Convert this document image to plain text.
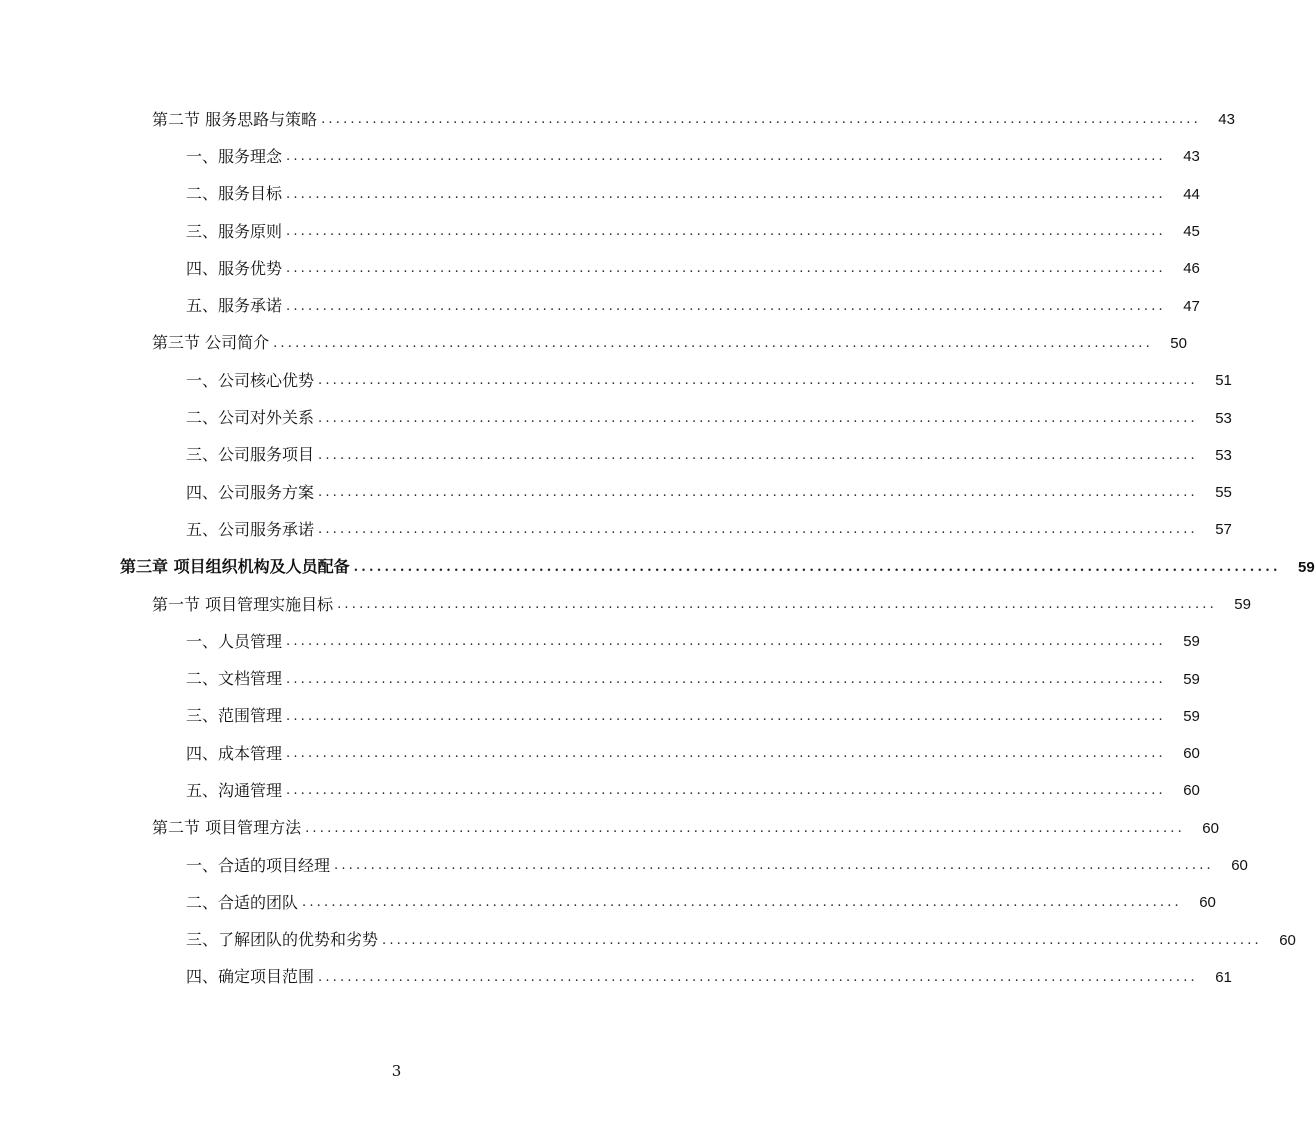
第二节 服务思路与策略 ........................................................................................................................	43
一、服务理念 ........................................................................................................................	43
二、服务目标 ........................................................................................................................	44
三、服务原则 ........................................................................................................................	45
四、服务优势 ........................................................................................................................	46
五、服务承诺 ........................................................................................................................	47
第三节 公司简介 ........................................................................................................................	50
一、公司核心优势 ........................................................................................................................	51
二、公司对外关系 ........................................................................................................................	53
三、公司服务项目 ........................................................................................................................	53
四、公司服务方案 ........................................................................................................................	55
五、公司服务承诺 ........................................................................................................................	57
第三章 项目组织机构及人员配备 ........................................................................................................................	59
第一节 项目管理实施目标 ........................................................................................................................	59
一、人员管理 ........................................................................................................................	59
二、文档管理 ........................................................................................................................	59
三、范围管理 ........................................................................................................................	59
四、成本管理 ........................................................................................................................	60
五、沟通管理 ........................................................................................................................	60
第二节 项目管理方法 ........................................................................................................................	60
一、合适的项目经理 ........................................................................................................................	60
二、合适的团队 ........................................................................................................................	60
三、了解团队的优势和劣势 ........................................................................................................................	60
四、确定项目范围 ........................................................................................................................	61
3
